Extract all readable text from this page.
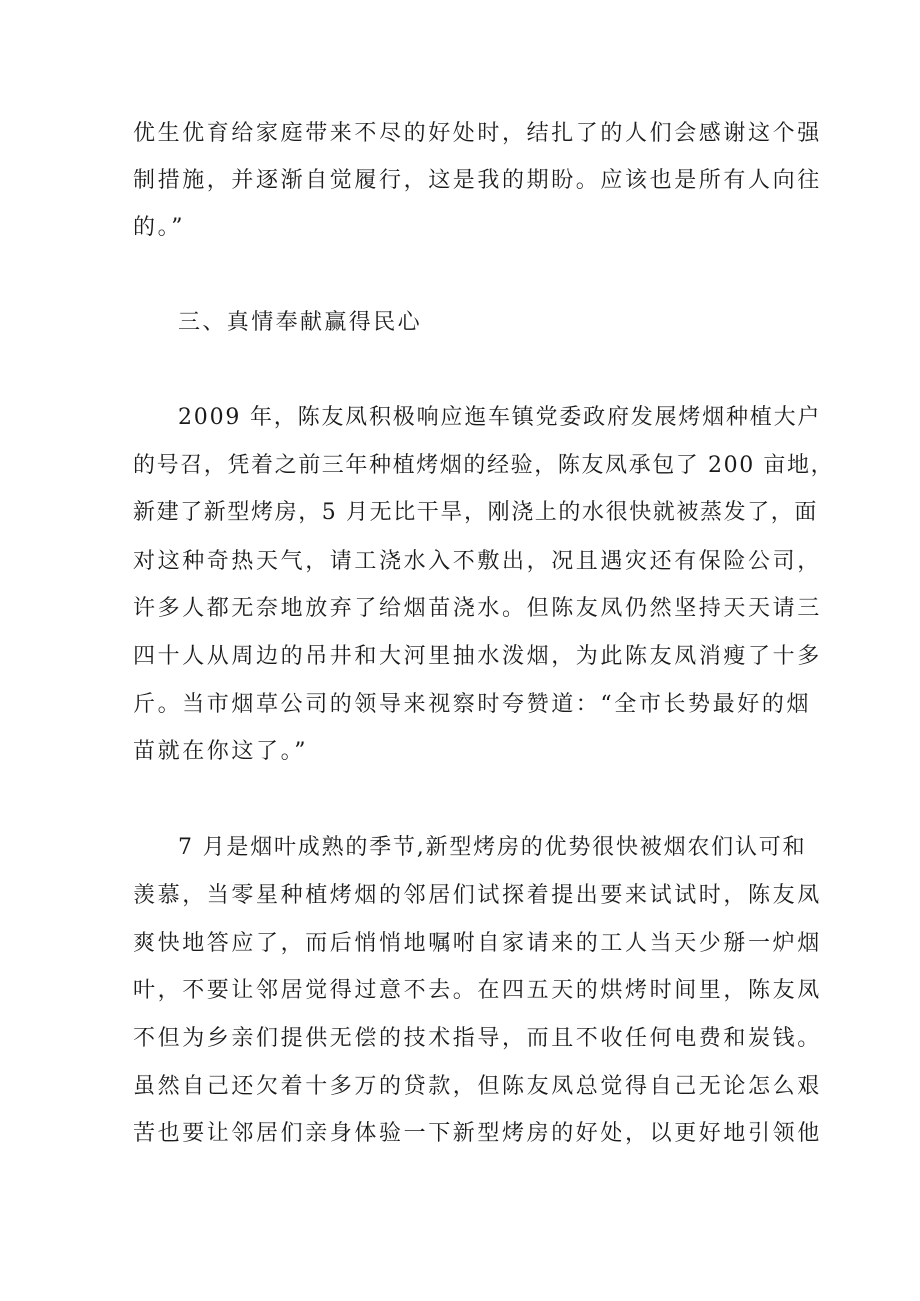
优生优育给家庭带来不尽的好处时，结扎了的人们会感谢这个强
制措施，并逐渐自觉履行，这是我的期盼。应该也是所有人向往
的。”
三、真情奉献赢得民心
2009 年，陈友凤积极响应迤车镇党委政府发展烤烟种植大户
的号召，凭着之前三年种植烤烟的经验，陈友凤承包了 200 亩地，
新建了新型烤房，5 月无比干旱，刚浇上的水很快就被蒸发了，面
对这种奇热天气，请工浇水入不敷出，况且遇灾还有保险公司，
许多人都无奈地放弃了给烟苗浇水。但陈友凤仍然坚持天天请三
四十人从周边的吊井和大河里抽水泼烟，为此陈友凤消瘦了十多
斤。当市烟草公司的领导来视察时夸赞道：“全市长势最好的烟
苗就在你这了。”
7 月是烟叶成熟的季节,新型烤房的优势很快被烟农们认可和
羡慕，当零星种植烤烟的邻居们试探着提出要来试试时，陈友凤
爽快地答应了，而后悄悄地嘱咐自家请来的工人当天少掰一炉烟
叶，不要让邻居觉得过意不去。在四五天的烘烤时间里，陈友凤
不但为乡亲们提供无偿的技术指导，而且不收任何电费和炭钱。
虽然自己还欠着十多万的贷款，但陈友凤总觉得自己无论怎么艰
苦也要让邻居们亲身体验一下新型烤房的好处，以更好地引领他
